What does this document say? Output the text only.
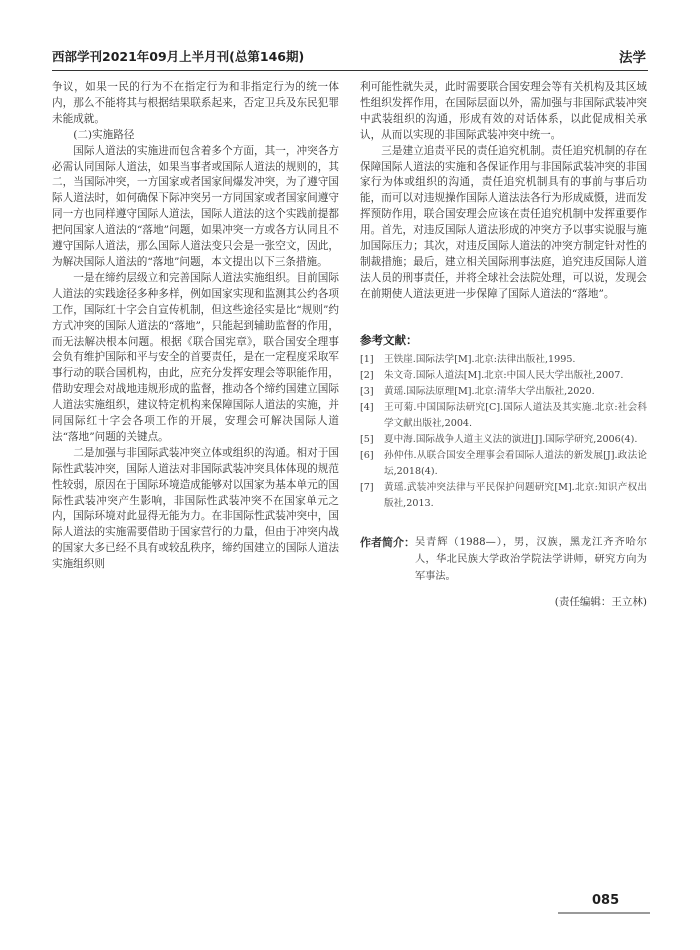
西部学刊2021年09月上半月刊(总第146期)	法学

争议，如果一民的行为不在指定行为和非指定行为的统一体内，那么不能将其与根据结果联系起来，否定卫兵及东民犯罪未能成就。

(二)实施路径

国际人道法的实施进而包含着多个方面，其一，冲突各方必需认同国际人道法，如果当事者或国际人道法的规则的，其二，当国际冲突，一方国家或者国家间爆发冲突，为了遵守国际人道法时，如何确保下际冲突另一方同国家或者国家间遵守同一方也同样遵守国际人道法，国际人道法的这个实践前提都把问国家人道法的“落地”问题，如果冲突一方或各方认同且不遵守国际人道法，那么国际人道法变只会是一张空文，因此，为解决国际人道法的“落地”问题，本文提出以下三条措施。

一是在缔约层级立和完善国际人道法实施组织。目前国际人道法的实践途径多种多样，例如国家实现和监测其公约各项工作，国际红十字会自宣传机制，但这些途径实是比“规则”约方式冲突的国际人道法的“落地”，只能起到辅助监督的作用，而无法解决根本问题。根据《联合国宪章》，联合国安全理事会负有维护国际和平与安全的首要责任，是在一定程度采取军事行动的联合国机构，由此，应充分发挥安理会等职能作用，借助安理会对战地违规形成的监督，推动各个缔约国建立国际人道法实施组织，建议特定机构来保障国际人道法的实施，并同国际红十字会各项工作的开展，安理会可解决国际人道法“落地”问题的关键点。

二是加强与非国际武装冲突立体或组织的沟通。相对于国际性武装冲突，国际人道法对非国际武装冲突具体体现的规范性较弱，原因在于国际环境造成能够对以国家为基本单元的国际性武装冲突产生影响，非国际性武装冲突不在国家单元之内，国际环境对此显得无能为力。在非国际性武装冲突中，国际人道法的实施需要借助于国家营行的力量，但由于冲突内战的国家大多已经不具有或较乱秩序，缔约国建立的国际人道法实施组织则

利可能性就失灵，此时需要联合国安理会等有关机构及其区域性组织发挥作用，在国际层面以外，需加强与非国际武装冲突中武装组织的沟通，形成有效的对话体系，以此促成相关承认，从而以实现的非国际武装冲突中统一。

三是建立追责平民的责任追究机制。责任追究机制的存在保障国际人道法的实施和各保证作用与非国际武装冲突的非国家行为体或组织的沟通，责任追究机制具有的事前与事后功能，而可以对违规操作国际人道法法各行为形成威慑，进而发挥预防作用，联合国安理会应该在责任追究机制中发挥重要作用。首先，对违反国际人道法形成的冲突方予以事实说服与施加国际压力；其次，对违反国际人道法的冲突方制定针对性的制裁措施；最后，建立相关国际刑事法庭，追究违反国际人道法人员的刑事责任，并将全球社会法院处理，可以说，发现会在前期使人道法更进一步保障了国际人道法的“落地”。

参考文献：
[1]	王铁崖.国际法学[M].北京:法律出版社,1995.
[2]	朱文奇.国际人道法[M].北京:中国人民大学出版社,2007.
[3]	黄瑶.国际法原理[M].北京:清华大学出版社,2020.
[4]	王可菊.中国国际法研究[C].国际人道法及其实施.北京:社会科学文献出版社,2004.
[5]	夏中海.国际战争人道主义法的演进[J].国际学研究,2006(4).
[6]	孙仲伟.从联合国安全理事会看国际人道法的新发展[J].政法论坛,2018(4).
[7]	黄瑶.武装冲突法律与平民保护问题研究[M].北京:知识产权出版社,2013.
作者简介： 吴青辉（1988—），男，汉族，黑龙江齐齐哈尔人，华北民族大学政治学院法学讲师，研究方向为军事法。
(责任编辑：王立林)
085
